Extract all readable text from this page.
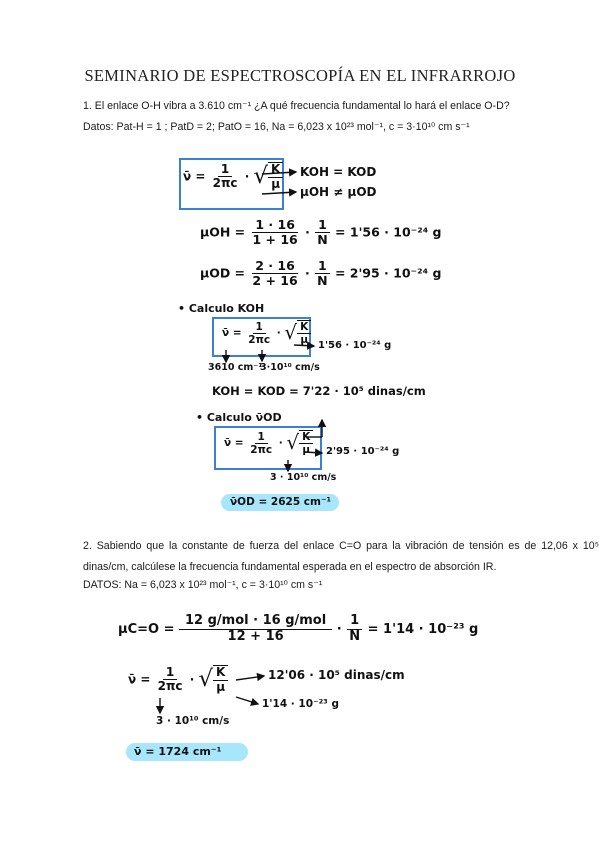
SEMINARIO DE ESPECTROSCOPÍA EN EL INFRARROJO
1. El enlace O-H vibra a 3.610 cm⁻¹ ¿A qué frecuencia fundamental lo hará el enlace O-D?
Datos: Pat-H = 1 ; PatD = 2; PatO = 16, Na = 6,023 x 10²³ mol⁻¹, c = 3·10¹⁰ cm s⁻¹
ν̄ = $\frac{1}{2\pi c}$ · √ $\frac{K}{\mu}$ KOH = KOD
μOH ≠ μOD
$\mu OH = \frac{1 \cdot 16}{1 + 16} \cdot \frac{1}{N} = 1'56 \cdot 10^{-24}$ g
$\mu OD = \frac{2 \cdot 16}{2 + 16} \cdot \frac{1}{N} = 2'95 \cdot 10^{-24}$ g
• Calculo KOH
ν̄ = $\frac{1}{2\pi c}$ · √ $\frac{K}{\mu} 1'56 \cdot 10^{-24}$ g
3610 cm⁻¹
3·10¹⁰ cm/s
KOH = KOD = 7'22 · 10⁵ dinas/cm
• Calculo ν̄OD
ν̄ = $\frac{1}{2\pi c}$ · √ $\frac{K}{\mu} 2'95 \cdot 10^{-24}$ g
3 · 10¹⁰ cm/s
ν̄OD = 2625 cm⁻¹
2. Sabiendo que la constante de fuerza del enlace C=O para la vibración de tensión es de 12,06 x 10⁵ dinas/cm, calcúlese la frecuencia fundamental esperada en el espectro de absorción IR.
DATOS: Na = 6,023 x 10²³ mol⁻¹, c = 3·10¹⁰ cm s⁻¹
$\mu C=O = \frac{\text{12 g/mol · 16 g/mol}}{12 + 16} \cdot \frac{1}{N} = 1'14 \cdot 10^{-23}$ g
ν̄ = $\frac{1}{2\pi c}$ · √ $\frac{K}{\mu}$	12'06 · 10⁵ dinas/cm
1'14 · 10⁻²³ g
3 · 10¹⁰ cm/s
ν̄ = 1724 cm⁻¹
